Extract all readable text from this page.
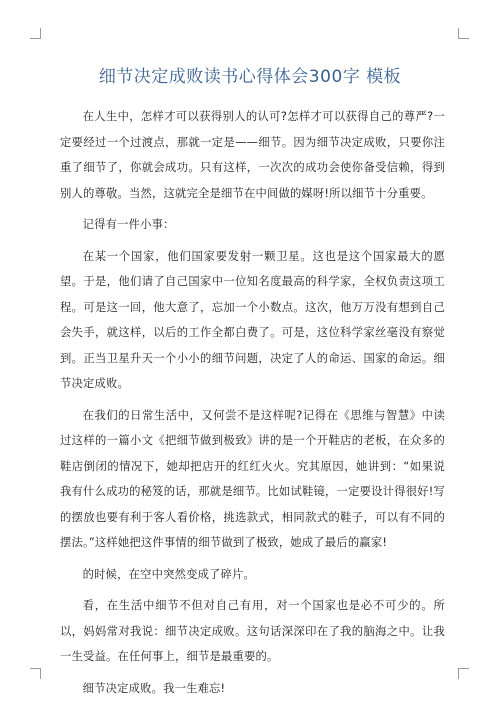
细节决定成败读书心得体会300字 模板

在人生中，怎样才可以获得别人的认可?怎样才可以获得自己的尊严?一定要经过一个过渡点，那就一定是——细节。因为细节决定成败，只要你注重了细节了，你就会成功。只有这样，一次次的成功会使你备受信赖，得到别人的尊敬。当然，这就完全是细节在中间做的媒呀!所以细节十分重要。

记得有一件小事：

在某一个国家，他们国家要发射一颗卫星。这也是这个国家最大的愿望。于是，他们请了自己国家中一位知名度最高的科学家，全权负责这项工程。可是这一回，他大意了，忘加一个小数点。这次，他万万没有想到自己会失手，就这样，以后的工作全都白费了。可是，这位科学家丝毫没有察觉到。正当卫星升天一个小小的细节问题，决定了人的命运、国家的命运。细节决定成败。

在我们的日常生活中，又何尝不是这样呢?记得在《思维与智慧》中读过这样的一篇小文《把细节做到极致》讲的是一个开鞋店的老板，在众多的鞋店倒闭的情况下，她却把店开的红红火火。究其原因，她讲到：“如果说我有什么成功的秘笈的话，那就是细节。比如试鞋镜，一定要设计得很好!写的摆放也要有利于客人看价格，挑选款式，相同款式的鞋子，可以有不同的摆法。”这样她把这件事情的细节做到了极致，她成了最后的赢家!

的时候，在空中突然变成了碎片。

看，在生活中细节不但对自己有用，对一个国家也是必不可少的。所以，妈妈常对我说：细节决定成败。这句话深深印在了我的脑海之中。让我一生受益。在任何事上，细节是最重要的。

细节决定成败。我一生难忘!
